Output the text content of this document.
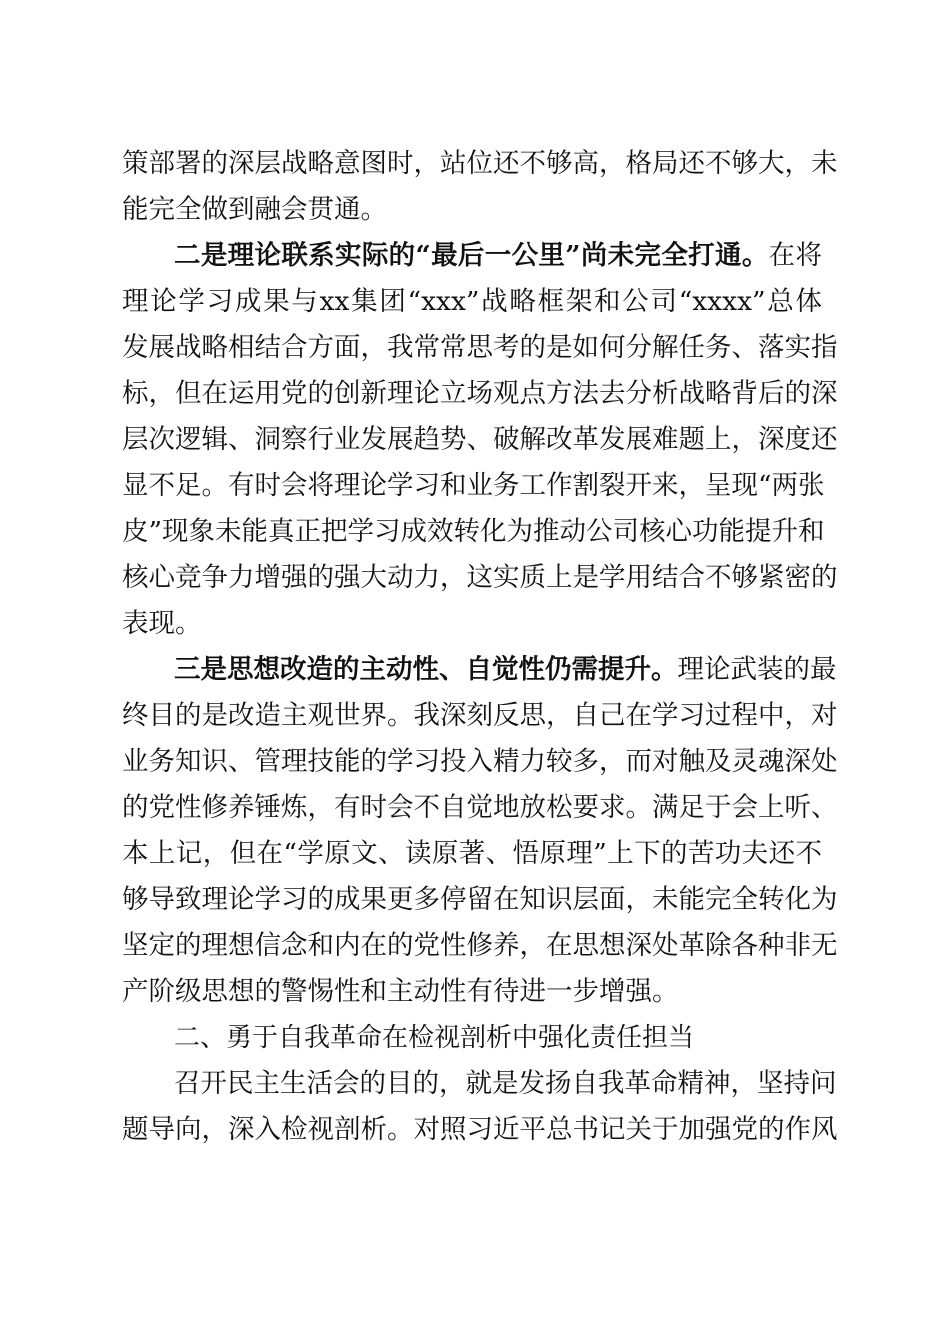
策部署的深层战略意图时，站位还不够高，格局还不够大，未
能完全做到融会贯通。
二是理论联系实际的“最后一公里”尚未完全打通。在将
理论学习成果与xx集团“xxx”战略框架和公司“xxxx”总体
发展战略相结合方面，我常常思考的是如何分解任务、落实指
标，但在运用党的创新理论立场观点方法去分析战略背后的深
层次逻辑、洞察行业发展趋势、破解改革发展难题上，深度还
显不足。有时会将理论学习和业务工作割裂开来，呈现“两张
皮”现象未能真正把学习成效转化为推动公司核心功能提升和
核心竞争力增强的强大动力，这实质上是学用结合不够紧密的
表现。
三是思想改造的主动性、自觉性仍需提升。理论武装的最
终目的是改造主观世界。我深刻反思，自己在学习过程中，对
业务知识、管理技能的学习投入精力较多，而对触及灵魂深处
的党性修养锤炼，有时会不自觉地放松要求。满足于会上听、
本上记，但在“学原文、读原著、悟原理”上下的苦功夫还不
够导致理论学习的成果更多停留在知识层面，未能完全转化为
坚定的理想信念和内在的党性修养，在思想深处革除各种非无
产阶级思想的警惕性和主动性有待进一步增强。
二、勇于自我革命在检视剖析中强化责任担当
召开民主生活会的目的，就是发扬自我革命精神，坚持问
题导向，深入检视剖析。对照习近平总书记关于加强党的作风
